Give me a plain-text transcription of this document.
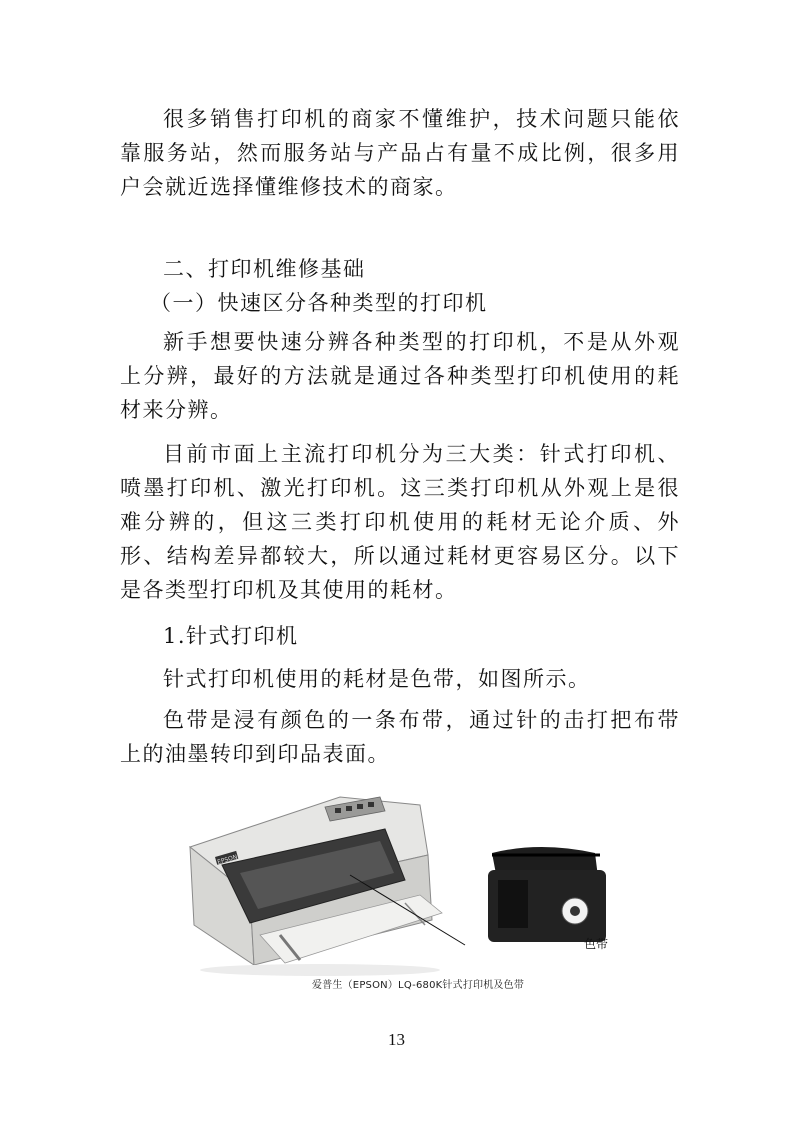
很多销售打印机的商家不懂维护，技术问题只能依靠服务站，然而服务站与产品占有量不成比例，很多用户会就近选择懂维修技术的商家。

二、打印机维修基础

（一）快速区分各种类型的打印机

新手想要快速分辨各种类型的打印机，不是从外观上分辨，最好的方法就是通过各种类型打印机使用的耗材来分辨。

目前市面上主流打印机分为三大类：针式打印机、喷墨打印机、激光打印机。这三类打印机从外观上是很难分辨的，但这三类打印机使用的耗材无论介质、外形、结构差异都较大，所以通过耗材更容易区分。以下是各类型打印机及其使用的耗材。

1.针式打印机

针式打印机使用的耗材是色带，如图所示。

色带是浸有颜色的一条布带，通过针的击打把布带上的油墨转印到印品表面。

EPSON
色带
爱普生（EPSON）LQ-680K针式打印机及色带
13
